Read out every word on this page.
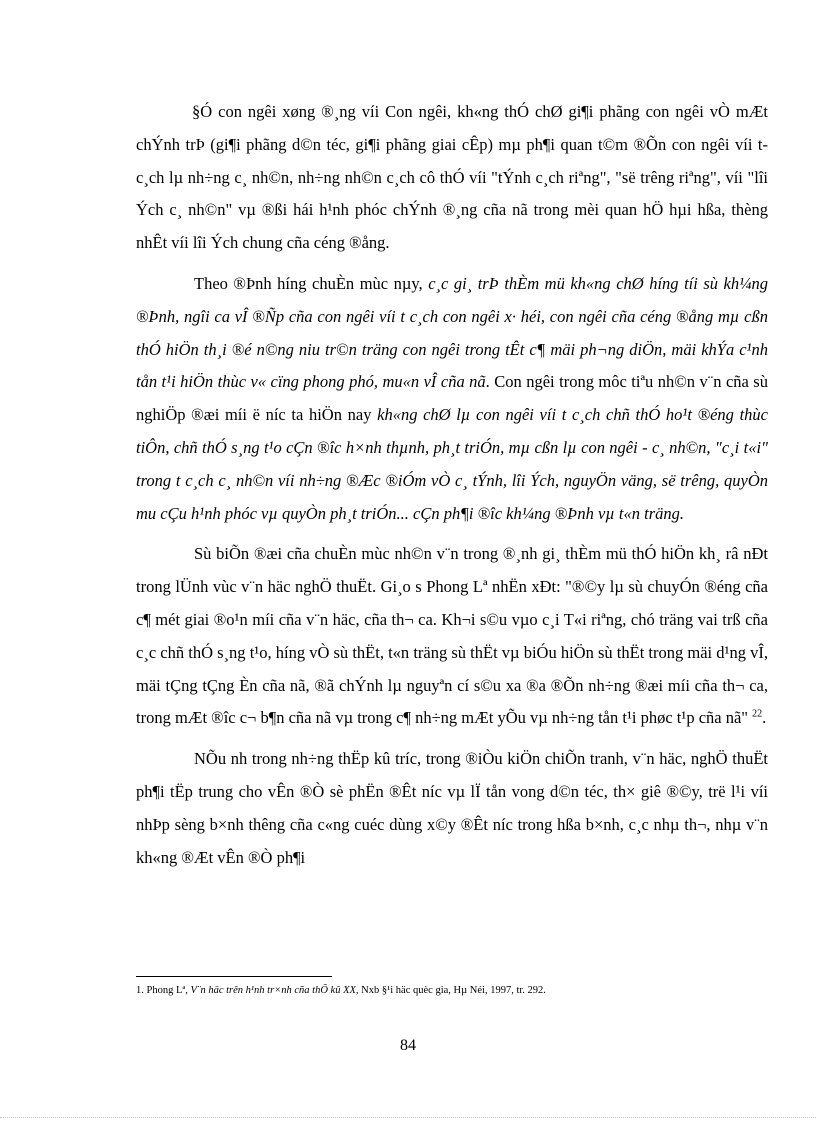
§Ó con ngêi xøng ®¸ng víi Con ngêi, kh«ng thÓ chØ gi¶i phãng con ngêi vÒ mÆt chÝnh trÞ (gi¶i phãng d©n téc, gi¶i phãng giai cÊp) mµ ph¶i quan t©m ®Õn con ngêi víi t c¸ch lµ nh÷ng c¸ nh©n, nh÷ng nh©n c¸ch cô thÓ víi "tÝnh c¸ch riªng", "së trêng riªng", víi "lîi Ých c¸ nh©n" vµ ®ßi hái h¹nh phóc chÝnh ®¸ng cña nã trong mèi quan hÖ hµi hßa, thèng nhÊt víi lîi Ých chung cña céng ®ång.

Theo ®Þnh híng chuÈn mùc nµy, c¸c gi¸ trÞ thÈm mü kh«ng chØ híng tíi sù kh¼ng ®Þnh, ngîi ca vÎ ®Ñp cña con ngêi víi t c¸ch con ngêi x· héi, con ngêi cña céng ®ång mµ cßn thÓ hiÖn th¸i ®é n©ng niu tr©n träng con ngêi trong tÊt c¶ mäi ph¬ng diÖn, mäi khÝa c¹nh tån t¹i hiÖn thùc v« cïng phong phó, mu«n vÎ cña nã. Con ngêi trong môc tiªu nh©n v¨n cña sù nghiÖp ®æi míi ë níc ta hiÖn nay kh«ng chØ lµ con ngêi víi t c¸ch chñ thÓ ho¹t ®éng thùc tiÔn, chñ thÓ s¸ng t¹o cÇn ®îc h×nh thµnh, ph¸t triÓn, mµ cßn lµ con ngêi - c¸ nh©n, "c¸i t«i" trong t c¸ch c¸ nh©n víi nh÷ng ®Æc ®iÓm vÒ c¸ tÝnh, lîi Ých, nguyÖn väng, së trêng, quyÒn mu cÇu h¹nh phóc vµ quyÒn ph¸t triÓn... cÇn ph¶i ®îc kh¼ng ®Þnh vµ t«n träng.

Sù biÕn ®æi cña chuÈn mùc nh©n v¨n trong ®¸nh gi¸ thÈm mü thÓ hiÖn kh¸ râ nÐt trong lÜnh vùc v¨n häc nghÖ thuËt. Gi¸o s Phong Lª nhËn xÐt: "®©y lµ sù chuyÓn ®éng cña c¶ mét giai ®o¹n míi cña v¨n häc, cña th¬ ca. Kh¬i s©u vµo c¸i T«i riªng, chó träng vai trß cña c¸c chñ thÓ s¸ng t¹o, híng vÒ sù thËt, t«n träng sù thËt vµ biÓu hiÖn sù thËt trong mäi d¹ng vÎ, mäi tÇng tÇng Èn cña nã, ®ã chÝnh lµ nguyªn cí s©u xa ®a ®Õn nh÷ng ®æi míi cña th¬ ca, trong mÆt ®îc c¬ b¶n cña nã vµ trong c¶ nh÷ng mÆt yÕu vµ nh÷ng tån t¹i phøc t¹p cña nã" $^{22}$.

NÕu nh trong nh÷ng thËp kû tríc, trong ®iÒu kiÖn chiÕn tranh, v¨n häc, nghÖ thuËt ph¶i tËp trung cho vÊn ®Ò sè phËn ®Êt níc vµ lÏ tån vong d©n téc, th× giê ®©y, trë l¹i víi nhÞp sèng b×nh thêng cña c«ng cuéc dùng x©y ®Êt níc trong hßa b×nh, c¸c nhµ th¬, nhµ v¨n kh«ng ®Æt vÊn ®Ò ph¶i

1. Phong Lª, V¨n häc trên h¹nh tr×nh cña thÕ kû XX, Nxb §¹i häc quèc gia, Hµ Néi, 1997, tr. 292.
84
